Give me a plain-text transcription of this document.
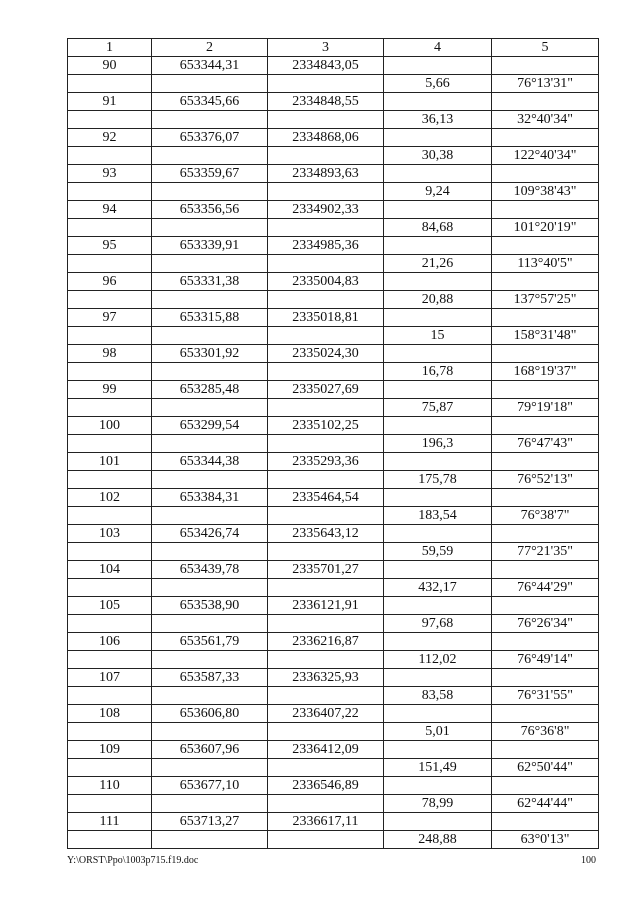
1	2	3	4	5
90	653344,31	2334843,05		
			5,66	76°13'31"
91	653345,66	2334848,55		
			36,13	32°40'34"
92	653376,07	2334868,06		
			30,38	122°40'34"
93	653359,67	2334893,63		
			9,24	109°38'43"
94	653356,56	2334902,33		
			84,68	101°20'19"
95	653339,91	2334985,36		
			21,26	113°40'5"
96	653331,38	2335004,83		
			20,88	137°57'25"
97	653315,88	2335018,81		
			15	158°31'48"
98	653301,92	2335024,30		
			16,78	168°19'37"
99	653285,48	2335027,69		
			75,87	79°19'18"
100	653299,54	2335102,25		
			196,3	76°47'43"
101	653344,38	2335293,36		
			175,78	76°52'13"
102	653384,31	2335464,54		
			183,54	76°38'7"
103	653426,74	2335643,12		
			59,59	77°21'35"
104	653439,78	2335701,27		
			432,17	76°44'29"
105	653538,90	2336121,91		
			97,68	76°26'34"
106	653561,79	2336216,87		
			112,02	76°49'14"
107	653587,33	2336325,93		
			83,58	76°31'55"
108	653606,80	2336407,22		
			5,01	76°36'8"
109	653607,96	2336412,09		
			151,49	62°50'44"
110	653677,10	2336546,89		
			78,99	62°44'44"
111	653713,27	2336617,11		
			248,88	63°0'13"
Y:\ORST\Ppo\1003p715.f19.doc	100
